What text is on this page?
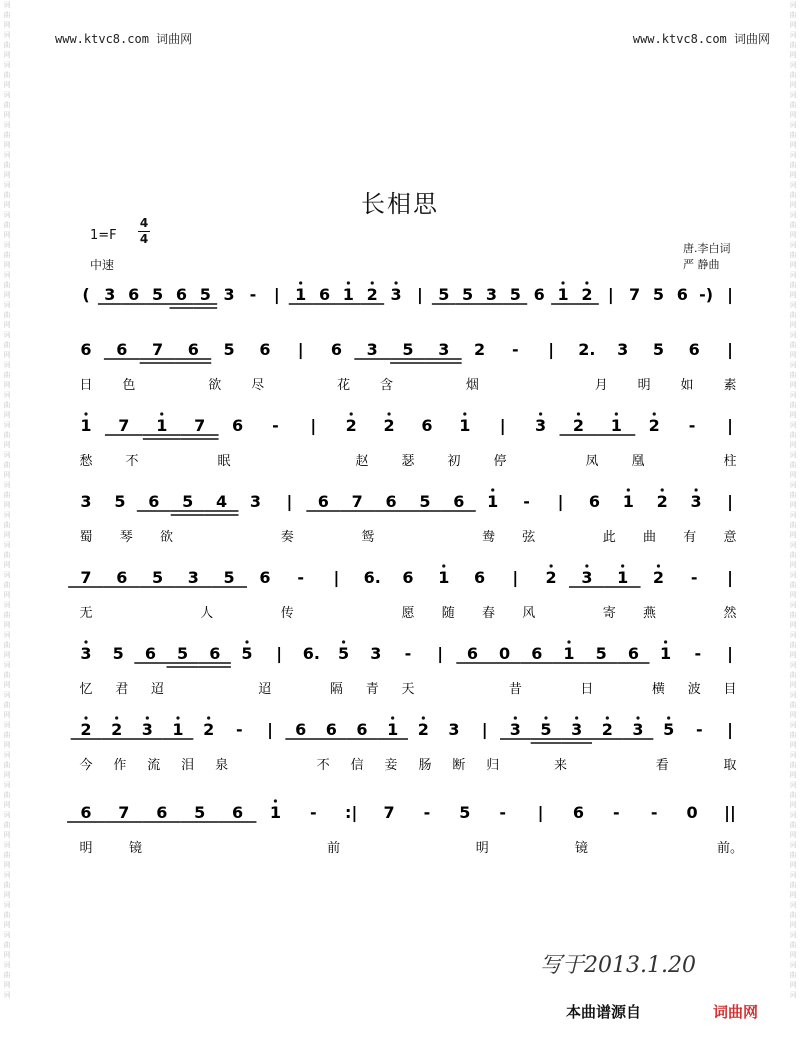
词
曲
网
词
曲
网
词
曲
网
词
曲
网
词
曲
网
词
曲
网
词
曲
网
词
曲
网
词
曲
网
词
曲
网
词
曲
网
词
曲
网
词
曲
网
词
曲
网
词
曲
网
词
曲
网
词
曲
网
词
曲
网
词
曲
网
词
曲
网
词
曲
网
词
曲
网
词
曲
网
词
曲
网
词
曲
网
词
曲
网
词
曲
网
词
曲
网
词
曲
网
词
曲
网
词
曲
网
词
曲
网
词
曲
网
词
词
曲
网
词
曲
网
词
曲
网
词
曲
网
词
曲
网
词
曲
网
词
曲
网
词
曲
网
词
曲
网
词
曲
网
词
曲
网
词
曲
网
词
曲
网
词
曲
网
词
曲
网
词
曲
网
词
曲
网
词
曲
网
词
曲
网
词
曲
网
词
曲
网
词
曲
网
词
曲
网
词
曲
网
词
曲
网
词
曲
网
词
曲
网
词
曲
网
词
曲
网
词
曲
网
词
曲
网
词
曲
网
词
曲
网
词
www.ktvc8.com 词曲网	www.ktvc8.com 词曲网
长相思
1=F
4
4
中速
唐.李白词
严 静曲
( 3 6 5 6 5 3 - | 1 6 1 2 3 | 5 5 3 5 6 1 2 | 7 5 6 -) |
6 6 7 6 5 6 | 6 3 5 3 2 - | 2. 3 5 6 |
日 色	欲 尽	花 含	烟	月 明 如 素
1 7 1 7 6 - | 2 2 6 1 | 3 2 1 2 - |
愁	不	眠	赵	瑟	初	停	凤	凰	柱
3 5 6 5 4 3 | 6 7 6 5 6 1 - | 6 1 2 3 |
蜀 琴 欲	奏	鸳	鸯 弦	此 曲 有 意
7 6 5 3 5 6 - | 6. 6 1 6 | 2 3 1 2 - |
无	人	传	愿 随 春 风	寄 燕	然
3 5 6 5 6 5 | 6. 5 3 - | 6 0 6 1 5 6 1 - |
忆 君 迢	迢	隔 青 天	昔	日	横 波 目
2 2 3 1 2 - | 6 6 6 1 2 3 | 3 5 3 2 3 5 - |
今 作 流 泪 泉	不 信 妾 肠 断 归	来	看	取
6 7 6 5 6 1 - :| 7 - 5 - | 6 - - 0 ||
明	镜	前	明	镜	前。
写于2013.1.20
本曲谱源自	词曲网
